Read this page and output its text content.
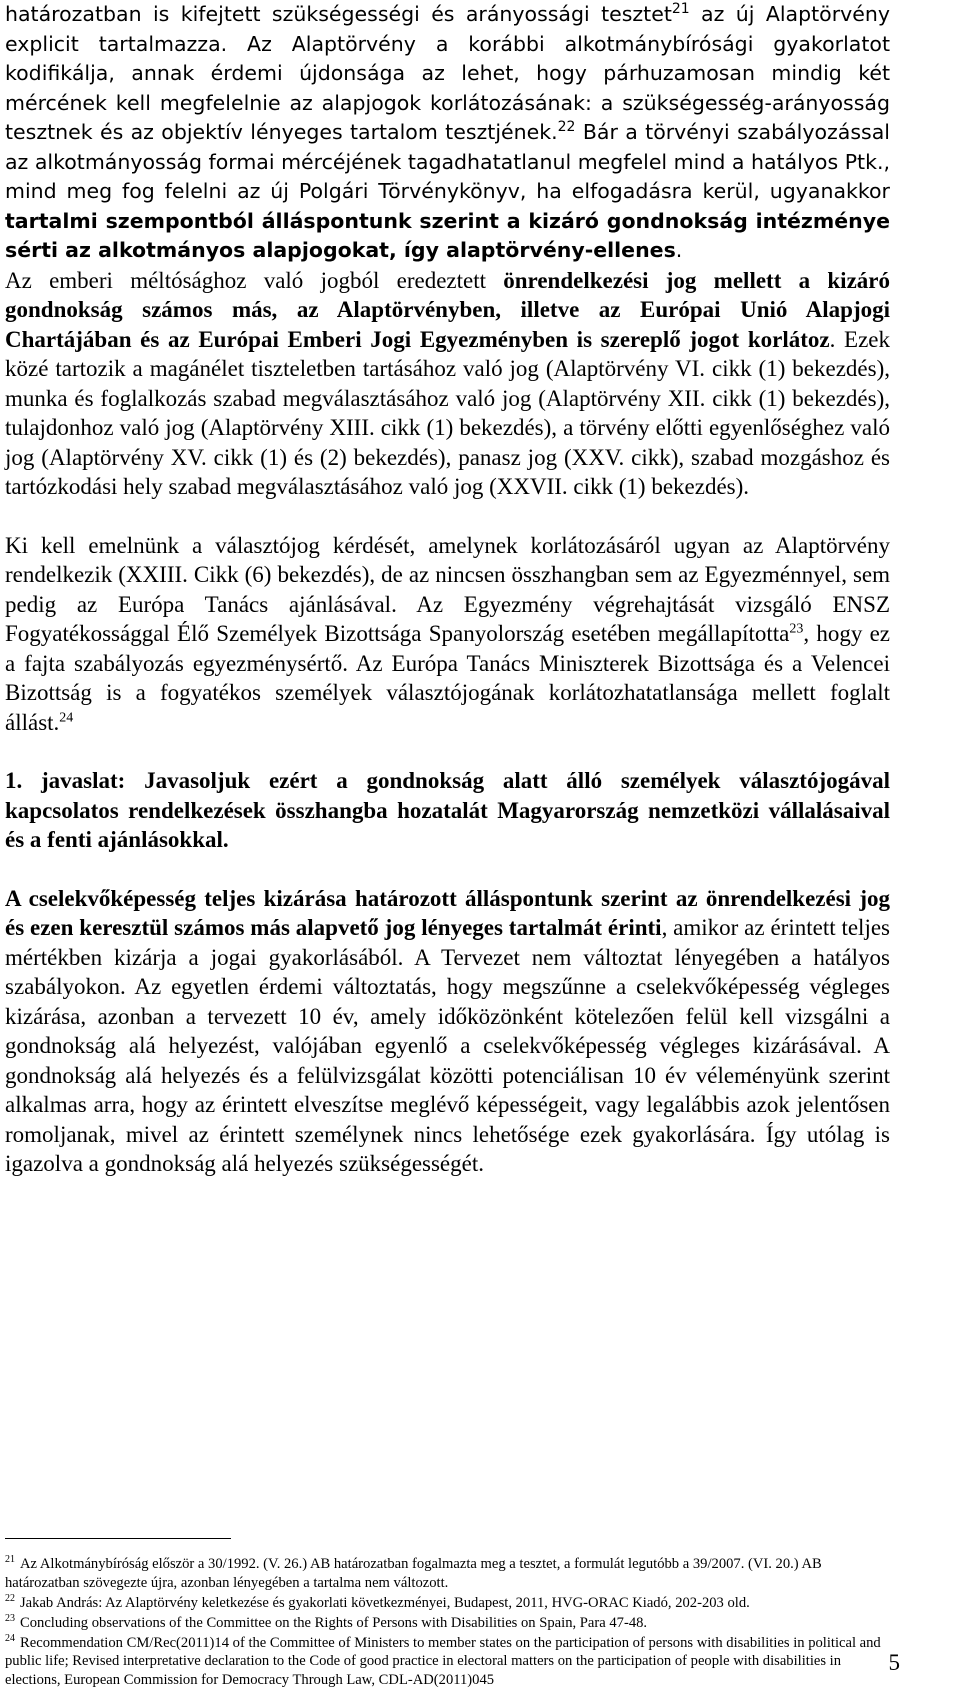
határozatban is kifejtett szükségességi és arányossági tesztet$^{21}$ az új Alaptörvény explicit tartalmazza. Az Alaptörvény a korábbi alkotmánybírósági gyakorlatot kodifikálja, annak érdemi újdonsága az lehet, hogy párhuzamosan mindig két mércének kell megfelelnie az alapjogok korlátozásának: a szükségesség-arányosság tesztnek és az objektív lényeges tartalom tesztjének.$^{22}$ Bár a törvényi szabályozással az alkotmányosság formai mércéjének tagadhatatlanul megfelel mind a hatályos Ptk., mind meg fog felelni az új Polgári Törvénykönyv, ha elfogadásra kerül, ugyanakkor tartalmi szempontból álláspontunk szerint a kizáró gondnokság intézménye sérti az alkotmányos alapjogokat, így alaptörvény-ellenes.

Az emberi méltósághoz való jogból eredeztett önrendelkezési jog mellett a kizáró gondnokság számos más, az Alaptörvényben, illetve az Európai Unió Alapjogi Chartájában és az Európai Emberi Jogi Egyezményben is szereplő jogot korlátoz. Ezek közé tartozik a magánélet tiszteletben tartásához való jog (Alaptörvény VI. cikk (1) bekezdés), munka és foglalkozás szabad megválasztásához való jog (Alaptörvény XII. cikk (1) bekezdés), tulajdonhoz való jog (Alaptörvény XIII. cikk (1) bekezdés), a törvény előtti egyenlőséghez való jog (Alaptörvény XV. cikk (1) és (2) bekezdés), panasz jog (XXV. cikk), szabad mozgáshoz és tartózkodási hely szabad megválasztásához való jog (XXVII. cikk (1) bekezdés).

Ki kell emelnünk a választójog kérdését, amelynek korlátozásáról ugyan az Alaptörvény rendelkezik (XXIII. Cikk (6) bekezdés), de az nincsen összhangban sem az Egyezménnyel, sem pedig az Európa Tanács ajánlásával. Az Egyezmény végrehajtását vizsgáló ENSZ Fogyatékossággal Élő Személyek Bizottsága Spanyolország esetében megállapította$^{23}$, hogy ez a fajta szabályozás egyezménysértő. Az Európa Tanács Miniszterek Bizottsága és a Velencei Bizottság is a fogyatékos személyek választójogának korlátozhatatlansága mellett foglalt állást.$^{24}$

1. javaslat: Javasoljuk ezért a gondnokság alatt álló személyek választójogával kapcsolatos rendelkezések összhangba hozatalát Magyarország nemzetközi vállalásaival és a fenti ajánlásokkal.

A cselekvőképesség teljes kizárása határozott álláspontunk szerint az önrendelkezési jog és ezen keresztül számos más alapvető jog lényeges tartalmát érinti, amikor az érintett teljes mértékben kizárja a jogai gyakorlásából. A Tervezet nem változtat lényegében a hatályos szabályokon. Az egyetlen érdemi változtatás, hogy megszűnne a cselekvőképesség végleges kizárása, azonban a tervezett 10 év, amely időközönként kötelezően felül kell vizsgálni a gondnokság alá helyezést, valójában egyenlő a cselekvőképesség végleges kizárásával. A gondnokság alá helyezés és a felülvizsgálat közötti potenciálisan 10 év véleményünk szerint alkalmas arra, hogy az érintett elveszítse meglévő képességeit, vagy legalábbis azok jelentősen romoljanak, mivel az érintett személynek nincs lehetősége ezek gyakorlására. Így utólag is igazolva a gondnokság alá helyezés szükségességét.

$^{21}$ Az Alkotmánybíróság először a 30/1992. (V. 26.) AB határozatban fogalmazta meg a tesztet, a formulát legutóbb a 39/2007. (VI. 20.) AB határozatban szövegezte újra, azonban lényegében a tartalma nem változott.

$^{22}$ Jakab András: Az Alaptörvény keletkezése és gyakorlati következményei, Budapest, 2011, HVG-ORAC Kiadó, 202-203 old.

$^{23}$ Concluding observations of the Committee on the Rights of Persons with Disabilities on Spain, Para 47-48.

$^{24}$ Recommendation CM/Rec(2011)14 of the Committee of Ministers to member states on the participation of persons with disabilities in political and public life; Revised interpretative declaration to the Code of good practice in electoral matters on the participation of people with disabilities in elections, European Commission for Democracy Through Law, CDL-AD(2011)045

5
